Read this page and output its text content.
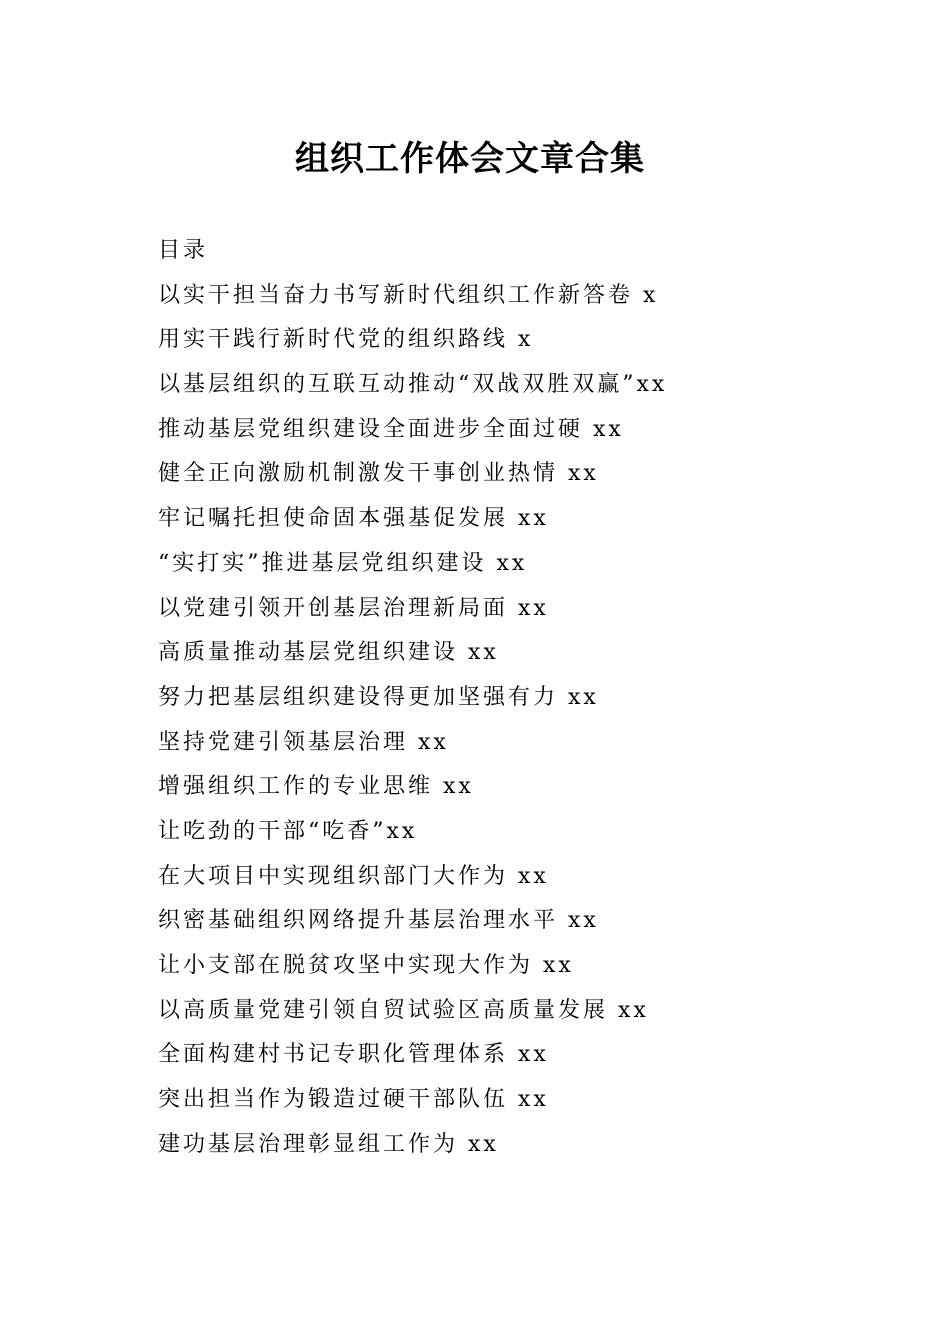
组织工作体会文章合集
目录
以实干担当奋力书写新时代组织工作新答卷 x
用实干践行新时代党的组织路线 x
以基层组织的互联互动推动“双战双胜双赢”xx
推动基层党组织建设全面进步全面过硬 xx
健全正向激励机制激发干事创业热情 xx
牢记嘱托担使命固本强基促发展 xx
“实打实”推进基层党组织建设 xx
以党建引领开创基层治理新局面 xx
高质量推动基层党组织建设 xx
努力把基层组织建设得更加坚强有力 xx
坚持党建引领基层治理 xx
增强组织工作的专业思维 xx
让吃劲的干部“吃香”xx
在大项目中实现组织部门大作为 xx
织密基础组织网络提升基层治理水平 xx
让小支部在脱贫攻坚中实现大作为 xx
以高质量党建引领自贸试验区高质量发展 xx
全面构建村书记专职化管理体系 xx
突出担当作为锻造过硬干部队伍 xx
建功基层治理彰显组工作为 xx
